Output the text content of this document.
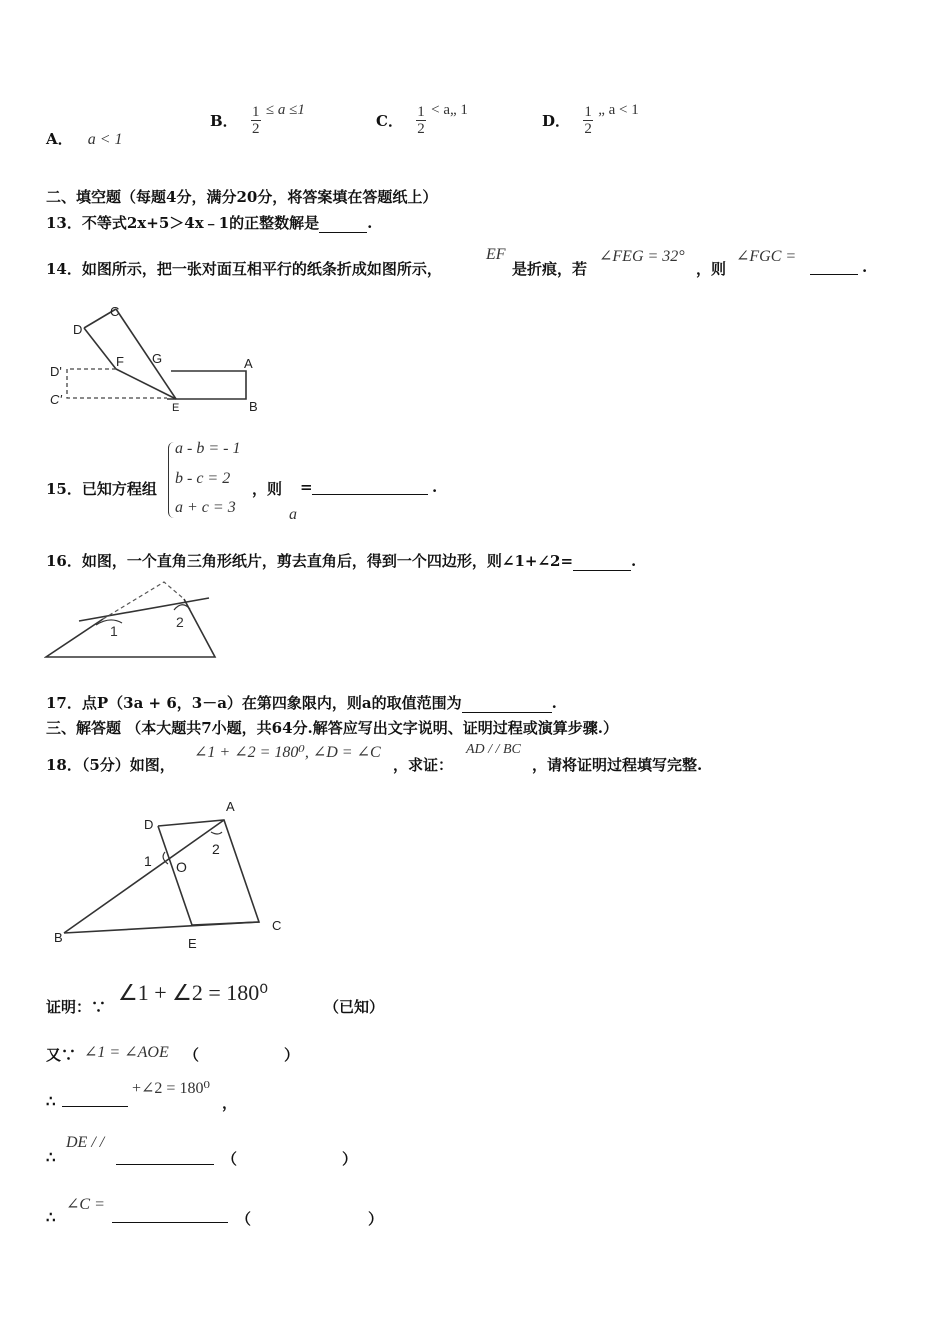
A． a < 1
B． $\frac{1}{2} \le a \le 1$
C． $\frac{1}{2}$ < a„ 1
D． $\frac{1}{2}$ „ a < 1
二、填空题（每题4分，满分20分，将答案填在答题纸上）
13．不等式2x+5＞4x﹣1的正整数解是	.
14．如图所示，把一张对面互相平行的纸条折成如图所示，
EF
是折痕，若
∠FEG = 32°
，则
∠FGC =
.
C
D
F G	A
D'
C'
E	B
15．已知方程组
a - b = - 1
b - c = 2
a + c = 3
，则 =
a
.
16．如图，一个直角三角形纸片，剪去直角后，得到一个四边形，则∠1+∠2=	.
1
2
17．点P（3a + 6，3－a）在第四象限内，则a的取值范围为	.
三、解答题 （本大题共7小题，共64分.解答应写出文字说明、证明过程或演算步骤.）
18．（5分）如图，
∠1 + ∠2 = 180⁰, ∠D = ∠C
，求证：
AD / / BC
，请将证明过程填写完整.
D
A
1
2
O
B	E
C
证明：∵
∠1 + ∠2 = 180⁰
（已知）
又∵ ∠1 = ∠AOE （	）
∴
+∠2 = 180⁰
，
∴
DE / /
（	）
∴
∠C =
（	）
